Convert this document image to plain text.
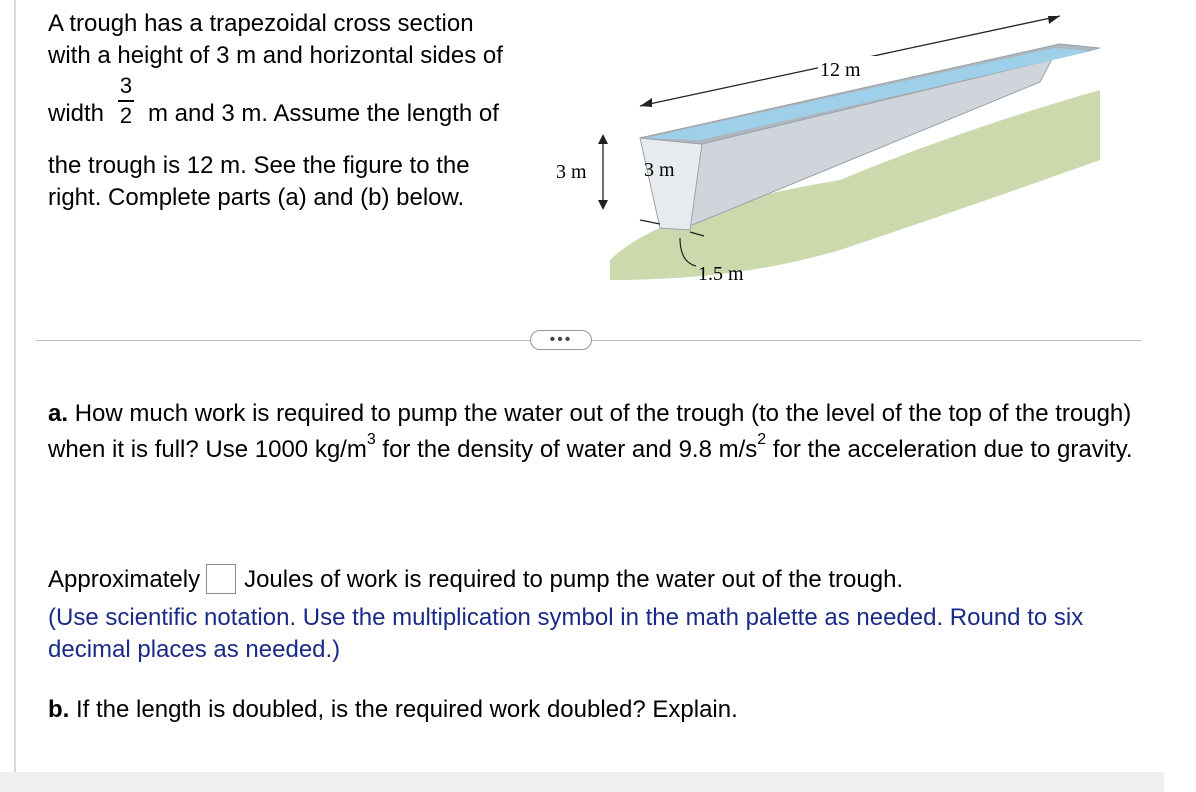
A trough has a trapezoidal cross section
with a height of 3 m and horizontal sides of
width
3
2 m and 3 m. Assume the length of
the trough is 12 m. See the figure to the
right. Complete parts (a) and (b) below.
12 m
3 m	3 m
1.5 m
•••
a. How much work is required to pump the water out of the trough (to the level of the top of the trough) when it is full? Use 1000 $kg/m^3$ for the density of water and 9.8 $m/s^2$ for the acceleration due to gravity.
Approximately Joules of work is required to pump the water out of the trough.
(Use scientific notation. Use the multiplication symbol in the math palette as needed. Round to six decimal places as needed.)
b. If the length is doubled, is the required work doubled? Explain.
